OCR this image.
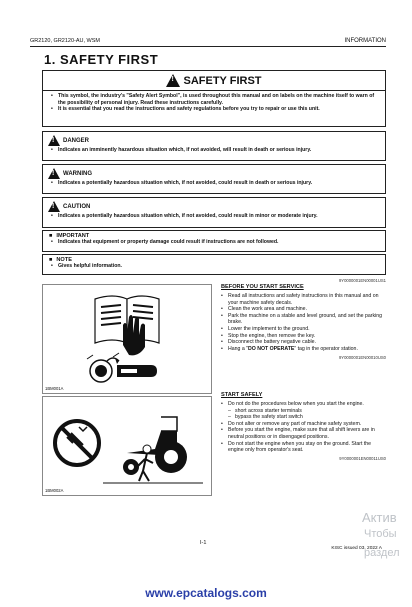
GR2120, GR2120-AU, WSM	INFORMATION
1. SAFETY FIRST
!
SAFETY FIRST
• This symbol, the industry's "Safety Alert Symbol", is used throughout this manual and on labels on the machine itself to warn of the possibility of personal injury. Read these instructions carefully.
• It is essential that you read the instructions and safety regulations before you try to repair or use this unit.
!
DANGER
• Indicates an imminently hazardous situation which, if not avoided, will result in death or serious injury.
!
WARNING
• Indicates a potentially hazardous situation which, if not avoided, could result in death or serious injury.
!
CAUTION
• Indicates a potentially hazardous situation which, if not avoided, could result in minor or moderate injury.
■ IMPORTANT
• Indicates that equipment or property damage could result if instructions are not followed.
■ NOTE
• Gives helpful information.
9Y0000001EN00001US1
1BM001A
BEFORE YOU START SERVICE
• Read all instructions and safety instructions in this manual and on your machine safety decals.
• Clean the work area and machine.
• Park the machine on a stable and level ground, and set the parking brake.
• Lower the implement to the ground.
• Stop the engine, then remove the key.
• Disconnect the battery negative cable.
• Hang a "DO NOT OPERATE" tag in the operator station.
9Y0000001EN00010US0
1BM002A
START SAFELY
• Do not do the procedures below when you start the engine.
– short across starter terminals
– bypass the safety start switch
• Do not alter or remove any part of machine safety system.
• Before you start the engine, make sure that all shift levers are in neutral positions or in disengaged positions.
• Do not start the engine when you stay on the ground. Start the engine only from operator's seat.
9Y0000001EN00011US0
Актив
Чтобы
раздел
I-1
KISC issued 03, 2022 A
www.epcatalogs.com
